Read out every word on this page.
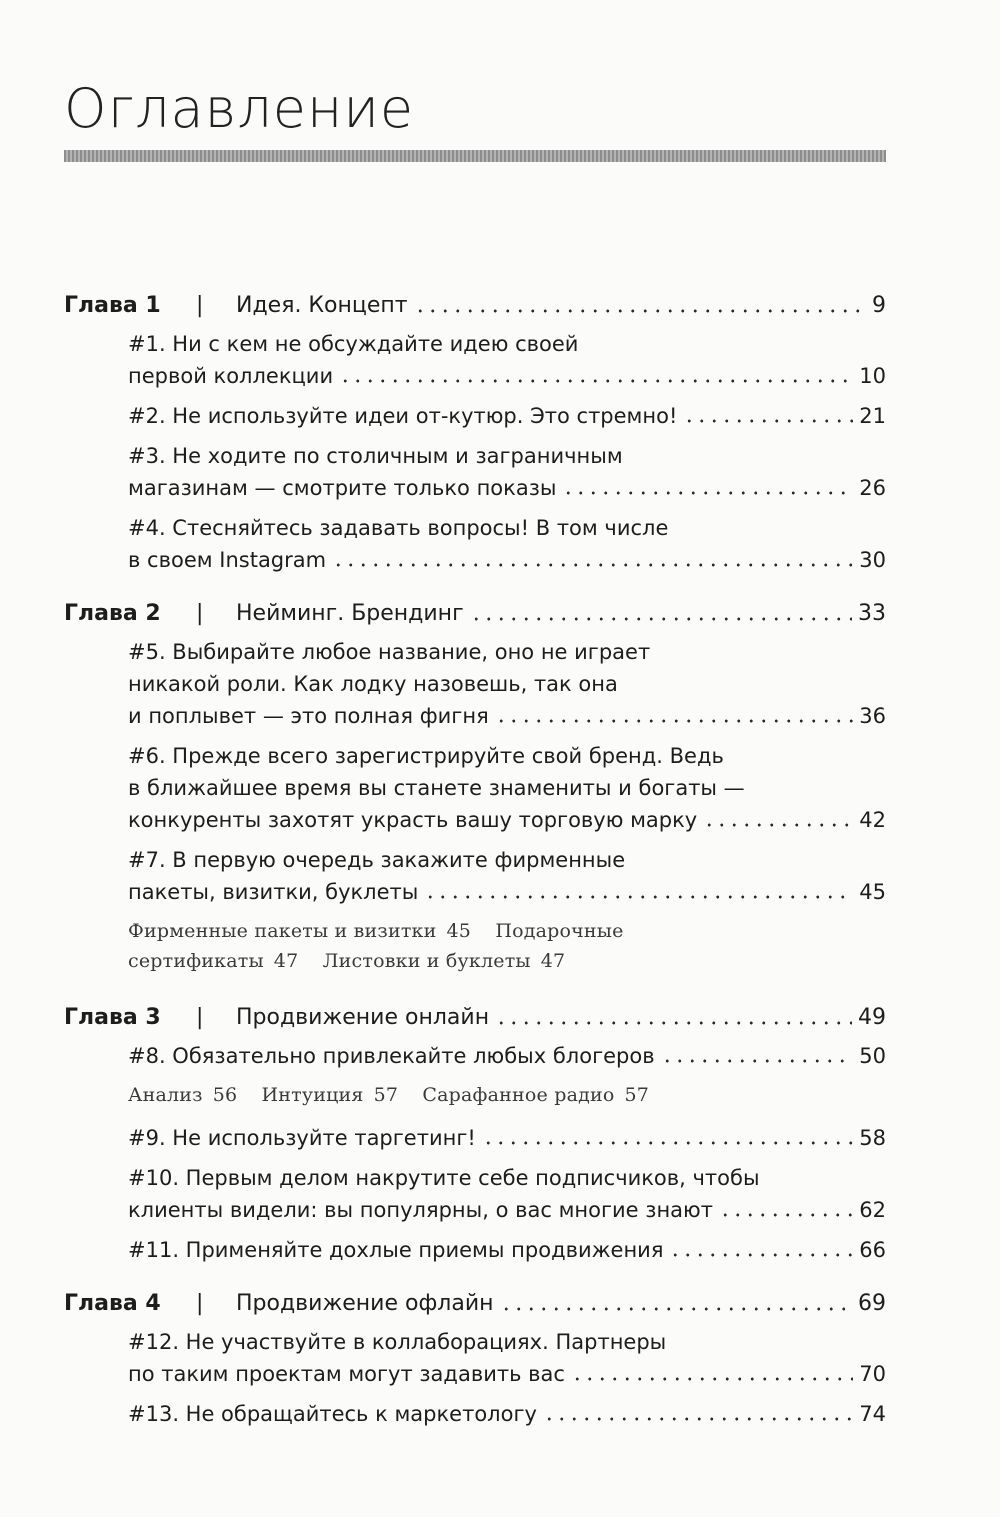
Оглавление
Глава 1	|	Идея. Концепт	9
#1. Ни с кем не обсуждайте идею своей
первой коллекции	10
#2. Не используйте идеи от-кутюр. Это стремно!	21
#3. Не ходите по столичным и заграничным
магазинам — смотрите только показы	26
#4. Стесняйтесь задавать вопросы! В том числе
в своем Instagram	30
Глава 2	|	Нейминг. Брендинг	33
#5. Выбирайте любое название, оно не играет
никакой роли. Как лодку назовешь, так она
и поплывет — это полная фигня	36
#6. Прежде всего зарегистрируйте свой бренд. Ведь
в ближайшее время вы станете знамениты и богаты —
конкуренты захотят украсть вашу торговую марку	42
#7. В первую очередь закажите фирменные
пакеты, визитки, буклеты	45
Фирменные пакеты и визитки 45 Подарочные
сертификаты 47 Листовки и буклеты 47
Глава 3	|	Продвижение онлайн	49
#8. Обязательно привлекайте любых блогеров	50
Анализ 56 Интуиция 57 Сарафанное радио 57
#9. Не используйте таргетинг!	58
#10. Первым делом накрутите себе подписчиков, чтобы
клиенты видели: вы популярны, о вас многие знают	62
#11. Применяйте дохлые приемы продвижения	66
Глава 4	|	Продвижение офлайн	69
#12. Не участвуйте в коллаборациях. Партнеры
по таким проектам могут задавить вас	70
#13. Не обращайтесь к маркетологу	74
